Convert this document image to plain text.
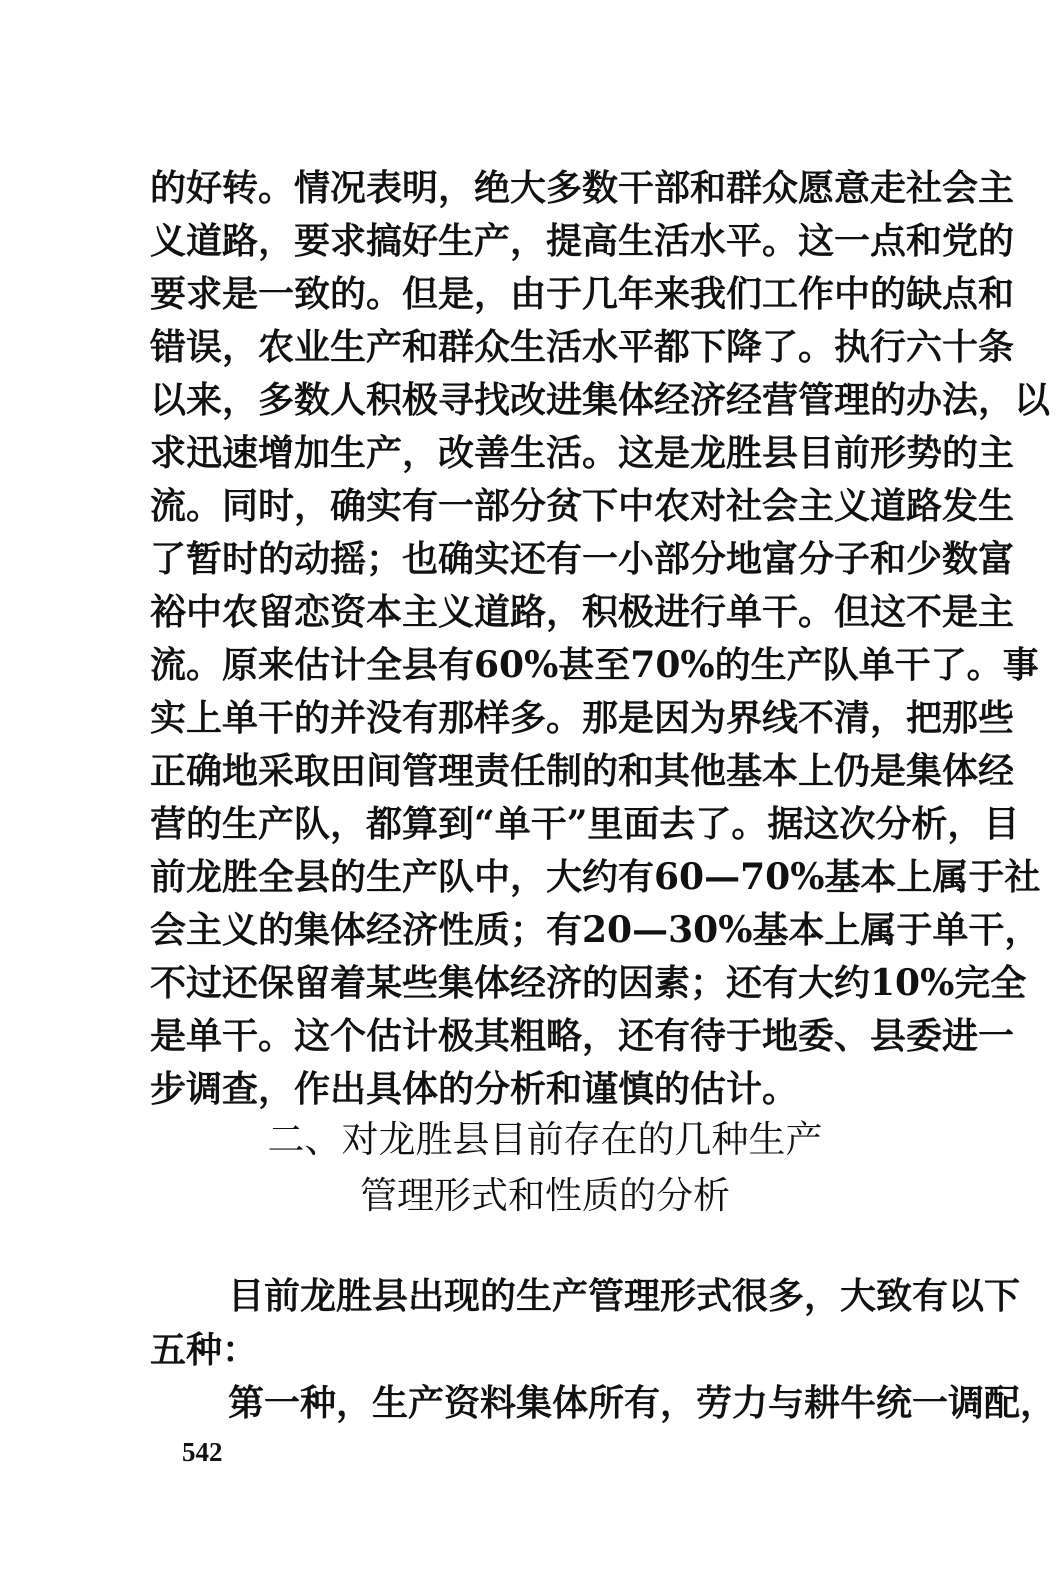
的好转。情况表明，绝大多数干部和群众愿意走社会主
义道路，要求搞好生产，提高生活水平。这一点和党的
要求是一致的。但是，由于几年来我们工作中的缺点和
错误，农业生产和群众生活水平都下降了。执行六十条
以来，多数人积极寻找改进集体经济经营管理的办法，以
求迅速增加生产，改善生活。这是龙胜县目前形势的主
流。同时，确实有一部分贫下中农对社会主义道路发生
了暂时的动摇；也确实还有一小部分地富分子和少数富
裕中农留恋资本主义道路，积极进行单干。但这不是主
流。原来估计全县有60%甚至70%的生产队单干了。事
实上单干的并没有那样多。那是因为界线不清，把那些
正确地采取田间管理责任制的和其他基本上仍是集体经
营的生产队，都算到“单干”里面去了。据这次分析，目
前龙胜全县的生产队中，大约有60—70%基本上属于社
会主义的集体经济性质；有20—30%基本上属于单干，
不过还保留着某些集体经济的因素；还有大约10%完全
是单干。这个估计极其粗略，还有待于地委、县委进一
步调查，作出具体的分析和谨慎的估计。
二、对龙胜县目前存在的几种生产
管理形式和性质的分析
目前龙胜县出现的生产管理形式很多，大致有以下
五种：
第一种，生产资料集体所有，劳力与耕牛统一调配，
542
